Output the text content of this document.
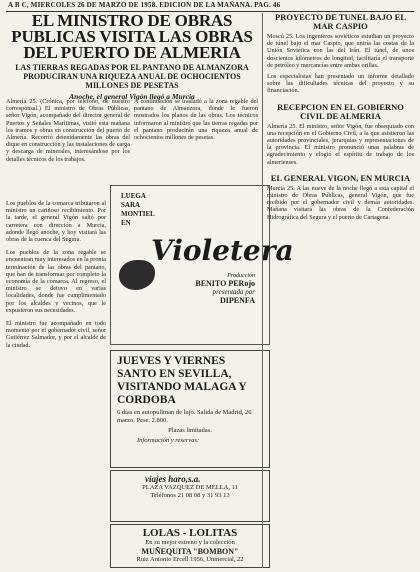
A B C, MIERCOLES 26 DE MARZO DE 1958. EDICION DE LA MAÑANA. PAG. 46
EL MINISTRO DE OBRAS PUBLICAS VISITA LAS OBRAS DEL PUERTO DE ALMERIA

LAS TIERRAS REGADAS POR EL PANTANO DE ALMANZORA PRODUCIRAN UNA RIQUEZA ANUAL DE OCHOCIENTOS MILLONES DE PESETAS

Anoche, el general Vigón llegó a Murcia

Almería 25. (Crónica, por teléfono, de nuestro corresponsal.) El ministro de Obras Públicas, señor Vigón, acompañado del director general de Puertos y Señales Marítimas, visitó esta mañana los tramos y obras en construcción del puerto de Almería. Recorrió detenidamente las obras del dique en construcción y las instalaciones de carga y descarga de minerales, interesándose por los detalles técnicos de los trabajos.

A continuación se trasladó a la zona regable del pantano de Almanzora, donde le fueron mostrados los planos de las obras. Los técnicos informaron al ministro que las tierras regadas por el pantano producirán una riqueza anual de ochocientos millones de pesetas.

Los pueblos de la comarca tributaron al ministro un cariñoso recibimiento. Por la tarde, el general Vigón salió por carretera con dirección a Murcia, adonde llegó anoche, y hoy visitará las obras de la cuenca del Segura.

Los pueblos de la zona regable se encuentran muy interesados en la pronta terminación de las obras del pantano, que han de transformar por completo la economía de la comarca. Al regreso, el ministro se detuvo en varias localidades, donde fue cumplimentado por los alcaldes y vecinos, que le expusieron sus necesidades.

El ministro fue acompañado en todo momento por el gobernador civil, señor Gutiérrez Salmador, y por el alcalde de la ciudad.

LUEGA
SARA
MONTIEL
EN
Violetera
Producción
BENITO PERojo
presentada por
DIPENFA
JUEVES Y VIERNES SANTO EN SEVILLA, VISITANDO MALAGA Y CORDOBA
6 días en autopullman de lujo. Salida de Madrid, 26 marzo. Pese. 2.800.
Plazas limitadas.
Información y reservas:
viajes haro,s.a.
PLAZA VAZQUEZ DE MELLA, 11
Teléfonos 21 08 08 y 31 93 13
LOLAS - LOLITAS
En su mejor estreno y la colección
MUÑEQUITA "BOMBON"
Ruiz Antonio Ercell 1956, Unmercial, 22

PROYECTO DE TUNEL BAJO EL MAR CASPIO

Moscú 25. Los ingenieros soviéticos estudian un proyecto de túnel bajo el mar Caspio, que uniría las costas de la Unión Soviética con las del Irán. El túnel, de unos doscientos kilómetros de longitud, facilitaría el transporte de petróleo y mercancías entre ambas orillas.

Los especialistas han presentado un informe detallado sobre las dificultades técnicas del proyecto y su financiación.

RECEPCION EN EL GOBIERNO CIVIL DE ALMERIA

Almería 25. El ministro, señor Vigón, fue obsequiado con una recepción en el Gobierno Civil, a la que asistieron las autoridades provinciales, jerarquías y representaciones de la provincia. El ministro pronunció unas palabras de agradecimiento y elogió el espíritu de trabajo de los almerienses.

EL GENERAL VIGON, EN MURCIA

Murcia 25. A las nueve de la noche llegó a esta capital el ministro de Obras Públicas, general Vigón, que fue recibido por el gobernador civil y demás autoridades. Mañana visitará las obras de la Confederación Hidrográfica del Segura y el puerto de Cartagena.
